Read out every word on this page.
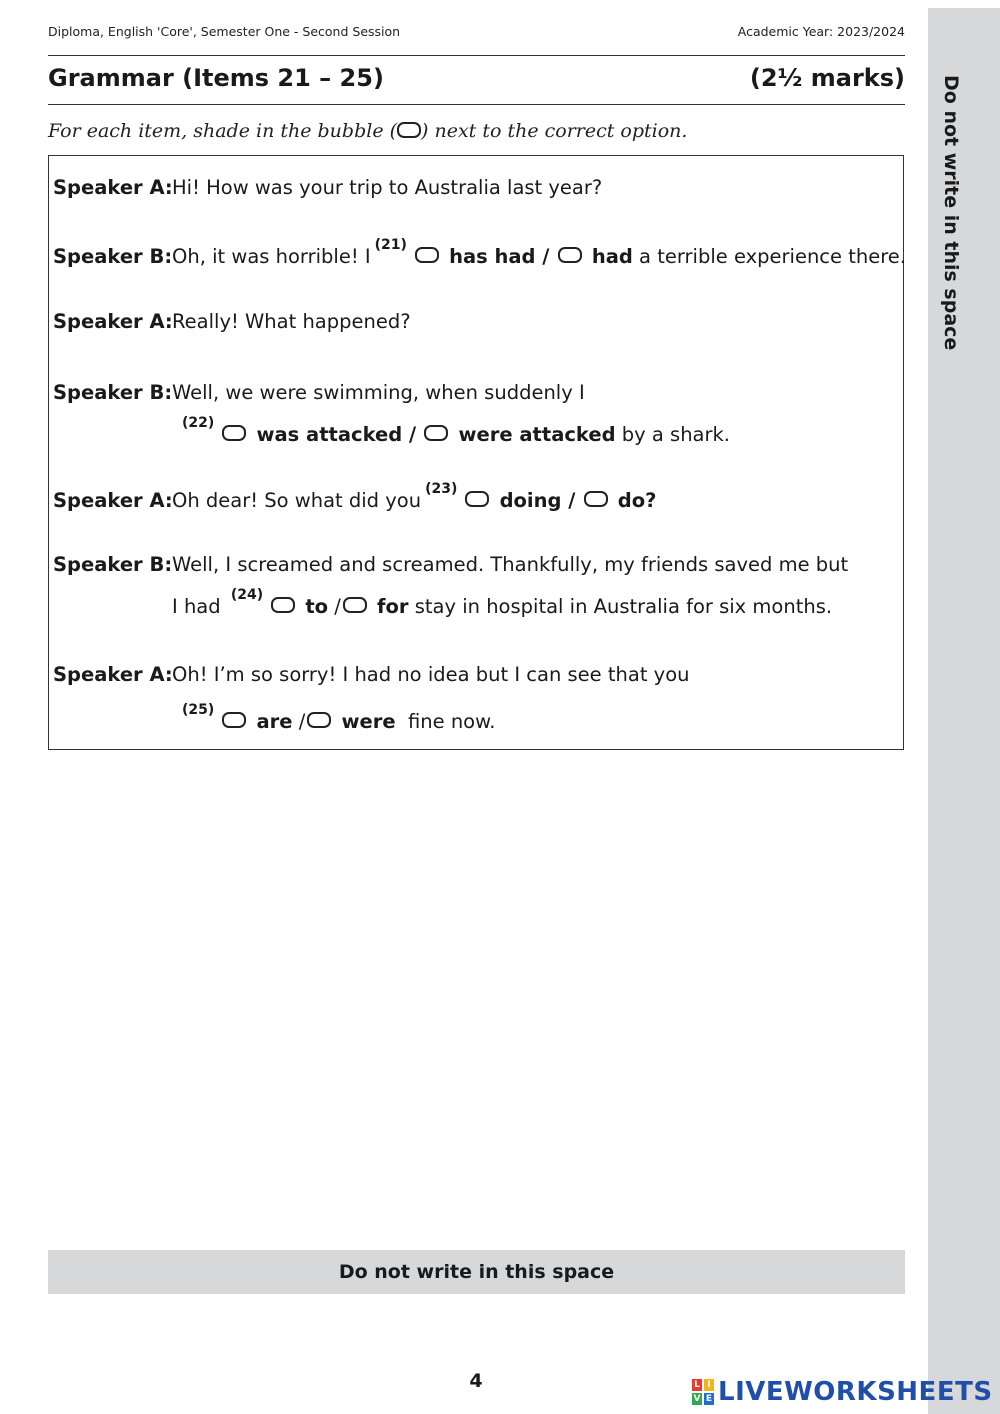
Diploma, English 'Core', Semester One - Second Session	Academic Year: 2023/2024
Grammar (Items 21 – 25)	(2½ marks)
For each item, shade in the bubble ( ) next to the correct option.
Speaker A: Hi! How was your trip to Australia last year?
Speaker B: Oh, it was horrible! I $^{(21)}$ has had / had a terrible experience there.
Speaker A: Really! What happened?
Speaker B: Well, we were swimming, when suddenly I
$^{(22)}$ was attacked / were attacked by a shark.
Speaker A: Oh dear! So what did you $^{(23)}$ doing / do?
Speaker B: Well, I screamed and screamed. Thankfully, my friends saved me but
I had $^{(24)}$ to / for stay in hospital in Australia for six months.
Speaker A: Oh! I’m so sorry! I had no idea but I can see that you
$^{(25)}$ are / were fine now.
Do not write in this space
Do not write in this space
4	L I
V E LIVEWORKSHEETS
